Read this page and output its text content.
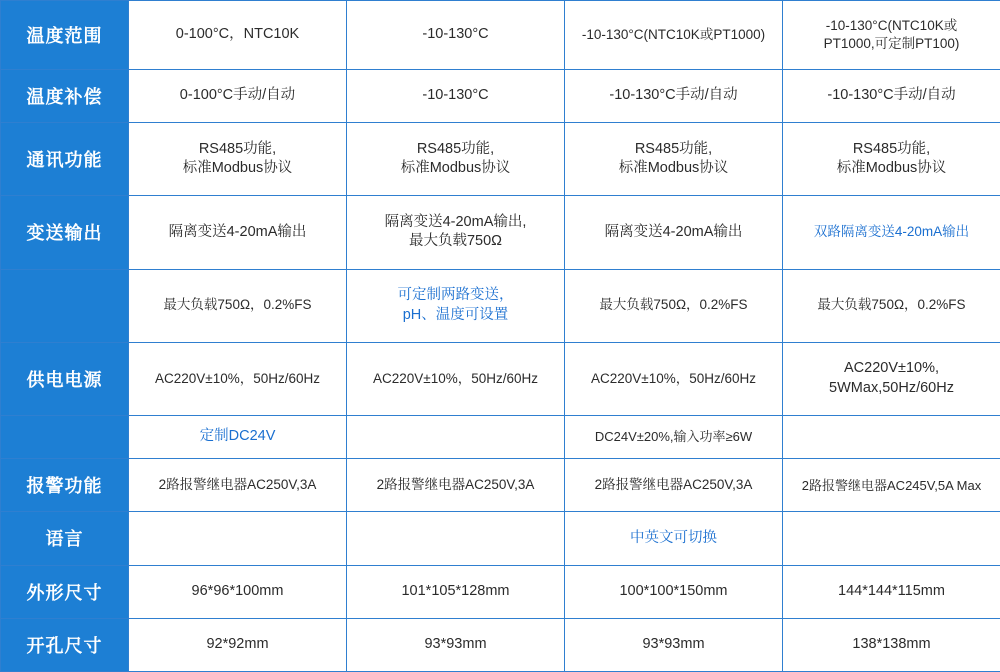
温度范围	0-100°C，NTC10K	-10-130°C	-10-130°C(NTC10K或PT1000)	-10-130°C(NTC10K或
PT1000,可定制PT100)

温度补偿	0-100°C手动/自动	-10-130°C	-10-130°C手动/自动	-10-130°C手动/自动

通讯功能	RS485功能,
标准Modbus协议	RS485功能,
标准Modbus协议	RS485功能,
标准Modbus协议	RS485功能,
标准Modbus协议

变送输出	隔离变送4-20mA输出	隔离变送4-20mA输出,
最大负载750Ω	隔离变送4-20mA输出	双路隔离变送4-20mA输出

	最大负载750Ω，0.2%FS	可定制两路变送，
pH、温度可设置	最大负载750Ω，0.2%FS	最大负载750Ω，0.2%FS

供电电源	AC220V±10%，50Hz/60Hz	AC220V±10%，50Hz/60Hz	AC220V±10%，50Hz/60Hz	AC220V±10%,
5WMax,50Hz/60Hz

	定制DC24V		DC24V±20%,输入功率≥6W	

报警功能	2路报警继电器AC250V,3A	2路报警继电器AC250V,3A	2路报警继电器AC250V,3A	2路报警继电器AC245V,5A Max

语言			中英文可切换	

外形尺寸	96*96*100mm	101*105*128mm	100*100*150mm	144*144*115mm

开孔尺寸	92*92mm	93*93mm	93*93mm	138*138mm
